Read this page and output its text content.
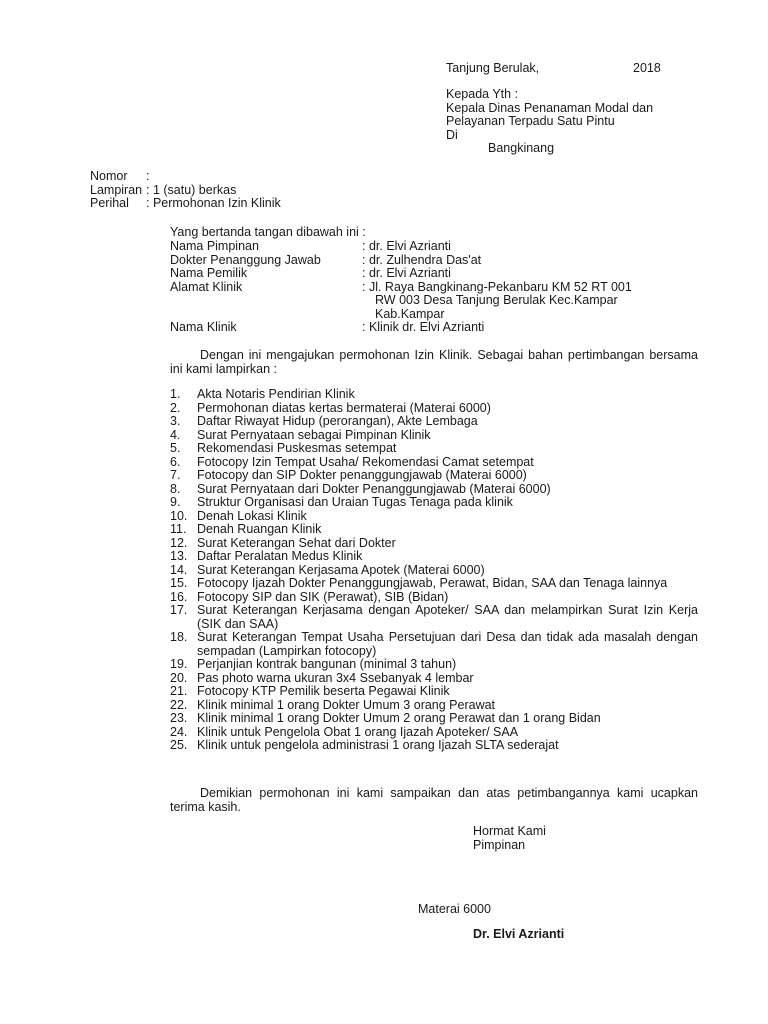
Tanjung Berulak,	2018
Kepada Yth :
Kepala Dinas Penanaman Modal dan
Pelayanan Terpadu Satu Pintu
Di
Bangkinang
Nomor :
Lampiran : 1 (satu) berkas
Perihal : Permohonan Izin Klinik
Yang bertanda tangan dibawah ini :
Nama Pimpinan	: dr. Elvi Azrianti
Dokter Penanggung Jawab	: dr. Zulhendra Das'at
Nama Pemilik	: dr. Elvi Azrianti
Alamat Klinik	: Jl. Raya Bangkinang-Pekanbaru KM 52 RT 001
RW 003 Desa Tanjung Berulak Kec.Kampar
Kab.Kampar
Nama Klinik	: Klinik dr. Elvi Azrianti
Dengan ini mengajukan permohonan Izin Klinik. Sebagai bahan pertimbangan bersama ini kami lampirkan :
1. Akta Notaris Pendirian Klinik
2. Permohonan diatas kertas bermaterai (Materai 6000)
3. Daftar Riwayat Hidup (perorangan), Akte Lembaga
4. Surat Pernyataan sebagai Pimpinan Klinik
5. Rekomendasi Puskesmas setempat
6. Fotocopy Izin Tempat Usaha/ Rekomendasi Camat setempat
7. Fotocopy dan SIP Dokter penanggungjawab (Materai 6000)
8. Surat Pernyataan dari Dokter Penanggungjawab (Materai 6000)
9. Struktur Organisasi dan Uraian Tugas Tenaga pada klinik
10. Denah Lokasi Klinik
11. Denah Ruangan Klinik
12. Surat Keterangan Sehat dari Dokter
13. Daftar Peralatan Medus Klinik
14. Surat Keterangan Kerjasama Apotek (Materai 6000)
15. Fotocopy Ijazah Dokter Penanggungjawab, Perawat, Bidan, SAA dan Tenaga lainnya
16. Fotocopy SIP dan SIK (Perawat), SIB (Bidan)
17. Surat Keterangan Kerjasama dengan Apoteker/ SAA dan melampirkan Surat Izin Kerja (SIK dan SAA)
18. Surat Keterangan Tempat Usaha Persetujuan dari Desa dan tidak ada masalah dengan sempadan (Lampirkan fotocopy)
19. Perjanjian kontrak bangunan (minimal 3 tahun)
20. Pas photo warna ukuran 3x4 Ssebanyak 4 lembar
21. Fotocopy KTP Pemilik beserta Pegawai Klinik
22. Klinik minimal 1 orang Dokter Umum 3 orang Perawat
23. Klinik minimal 1 orang Dokter Umum 2 orang Perawat dan 1 orang Bidan
24. Klinik untuk Pengelola Obat 1 orang Ijazah Apoteker/ SAA
25. Klinik untuk pengelola administrasi 1 orang Ijazah SLTA sederajat
Demikian permohonan ini kami sampaikan dan atas petimbangannya kami ucapkan terima kasih.
Hormat Kami
Pimpinan
Materai 6000
Dr. Elvi Azrianti
